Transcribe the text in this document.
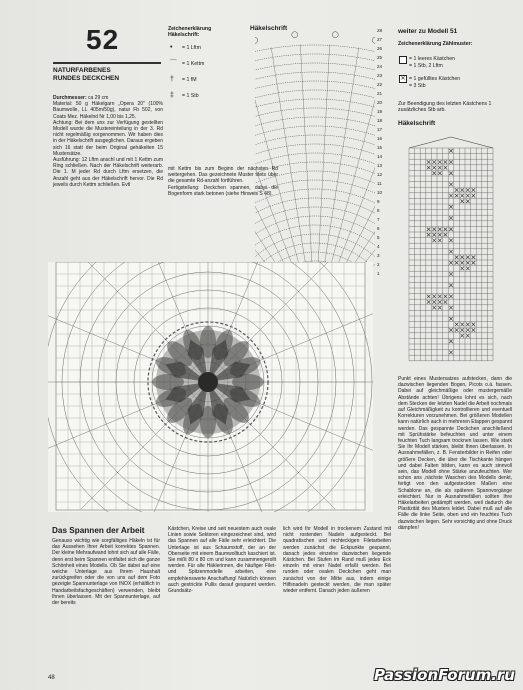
52
NATURFARBENES
RUNDES DECKCHEN

Durchmesser: ca 29 cm

Material: 50 g Häkelgarn „Opera 20" (100% Baumwolle, LL 405m/50g), natur Fb 502, von Coats Mez. Häkelnd Nr 1,00 bis 1,25.

Achtung: Bei dem uns zur Verfügung gestellten Modell wurde die Mustereinteilung in der 3. Rd nicht regelmäßig vorgenommen. Wir haben dies in der Häkelschrift ausgeglichen. Daraus ergeben sich 16 statt der beim Original gehäkelten 15 Mustersätze.

Ausführung: 12 Lftm anschl und mit 1 Kettm zum Ring schließen. Nach der Häkelschrift weiterarb. Die 1. M jeder Rd durch Lftm ersetzen, die Anzahl geht aus der Häkelschrift hervor. Die Rd jeweils durch Kettm schließen. Evtl

Zeichenerklärung Häkelschrift:
• = 1 Lftm
⌒ = 1 Kettm
† = 1 fM
‡ = 1 Stb

mit Kettm bis zum Beginn der nächsten Rd weitergehen. Das gezeichnete Muster stets über die gesamte Rd-anzahl fortführen.

Fertigstellung: Deckchen spannen, dabei die Bogenform stark betonen (siehe Hinweis S 48).

Häkelschrift	28
27
26
25
24
23
22
21
20
19
18
17
16
15
14
13
12
11
10
9
8
7
6
5
4
3
2
1
weiter zu Modell 51
Zeichenerklärung Zählmuster:
= 1 leeres Kästchen
= 1 Stb, 2 Lftm
✕ = 1 gefülltes Kästchen
= 3 Stb
Zur Beendigung des letzten Kästchens 1 zusätzliches Stb arb.
Häkelschrift

Punkt eines Mustersatzes aufstecken, dann die dazwischen liegenden Bogen, Picots o.ä. fassen. Dabei auf gleichmäßige oder mustergemäße Abstände achten! Übrigens lohnt es sich, nach dem Stecken der letzten Nadel die Arbeit nochmals auf Gleichmäßigkeit zu kontrollieren und eventuell Korrekturen vorzunehmen. Bei größeren Modellen kann natürlich auch in mehreren Etappen gespannt werden. Das gespannte Deckchen anschließend mit Sprühstärke befeuchten und unter einem feuchten Tuch langsam trocknen lassen. Wie stark Sie Ihr Modell stärken, bleibt Ihnen überlassen. In Ausnahmefällen, z. B. Fensterbilder in Reifen oder größere Decken, die über die Tischkante hängen und dabei Falten bilden, kann es auch sinnvoll sein, das Modell ohne Stärke anzufeuchten. Wer schon ans ‚nächste Waschen des Modells denkt, fertigt von den aufgesteckten Maßen eine Schablone an, die als späteren Spannvorgänge erleichtert. Nur in Ausnahmefällen sollten Ihre Häkelarbeiten gedämpft werden, weil dadurch die Plastizität des Musters leidet. Dabei muß auf alle Fälle die linke Seite, oben und ein feuchtes Tuch dazwischen liegen. Sehr vorsichtig und ohne Druck dämpfen!

Das Spannen der Arbeit

Genauso wichtig wie sorgfältiges Häkeln ist für das Aussehen Ihrer Arbeit korrektes Spannen. Der kleine Mehraufwand lohnt sich auf alle Fälle, denn erst beim Spannen entfaltet sich die ganze Schönheit eines Modells. Ob Sie dabei auf eine weiche Unterlage aus Ihrem Haushalt zurückgreifen oder die von uns auf dem Foto gezeigte Spannunterlage von INOX (erhältlich in Handarbeitsfachgeschäften) verwenden, bleibt Ihnen überlassen. Mit der Spannunterlage, auf der bereits

Kästchen, Kreise und seit neuestem auch ovale Linien sowie Sektoren eingezeichnet sind, wird das Spannen auf alle Fälle sehr erleichtert. Die Unterlage ist aus Schaumstoff, der an der Oberseite mit einem Baumwolltuch kaschiert ist. Sie mißt 80 x 80 cm und kann zusammengerollt werden. Für alle Häklerinnen, die häufiger Filet- und Spitzenmodelle arbeiten, eine empfehlenswerte Anschaffung! Natürlich können auch gestrickte Pullis darauf gespannt werden. Grundsätz-

lich wird Ihr Modell in trockenem Zustand mit nicht rostenden Nadeln aufgesteckt. Bei quadratischen und rechteckigen Filetarbeiten werden zunächst die Eckpunkte gespannt, danach jedes einzelne dazwischen liegende Kästchen. Bei Stufen im Rand muß jedes Eck einzeln mit einer Nadel erfaßt werden. Bei runden oder ovalen Deckchen geht man zunächst von der Mitte aus, indem einige Hilfsnadeln gesteckt werden, die man später wieder entfernt. Danach jeden äußeren

48	PassionForum.ru
